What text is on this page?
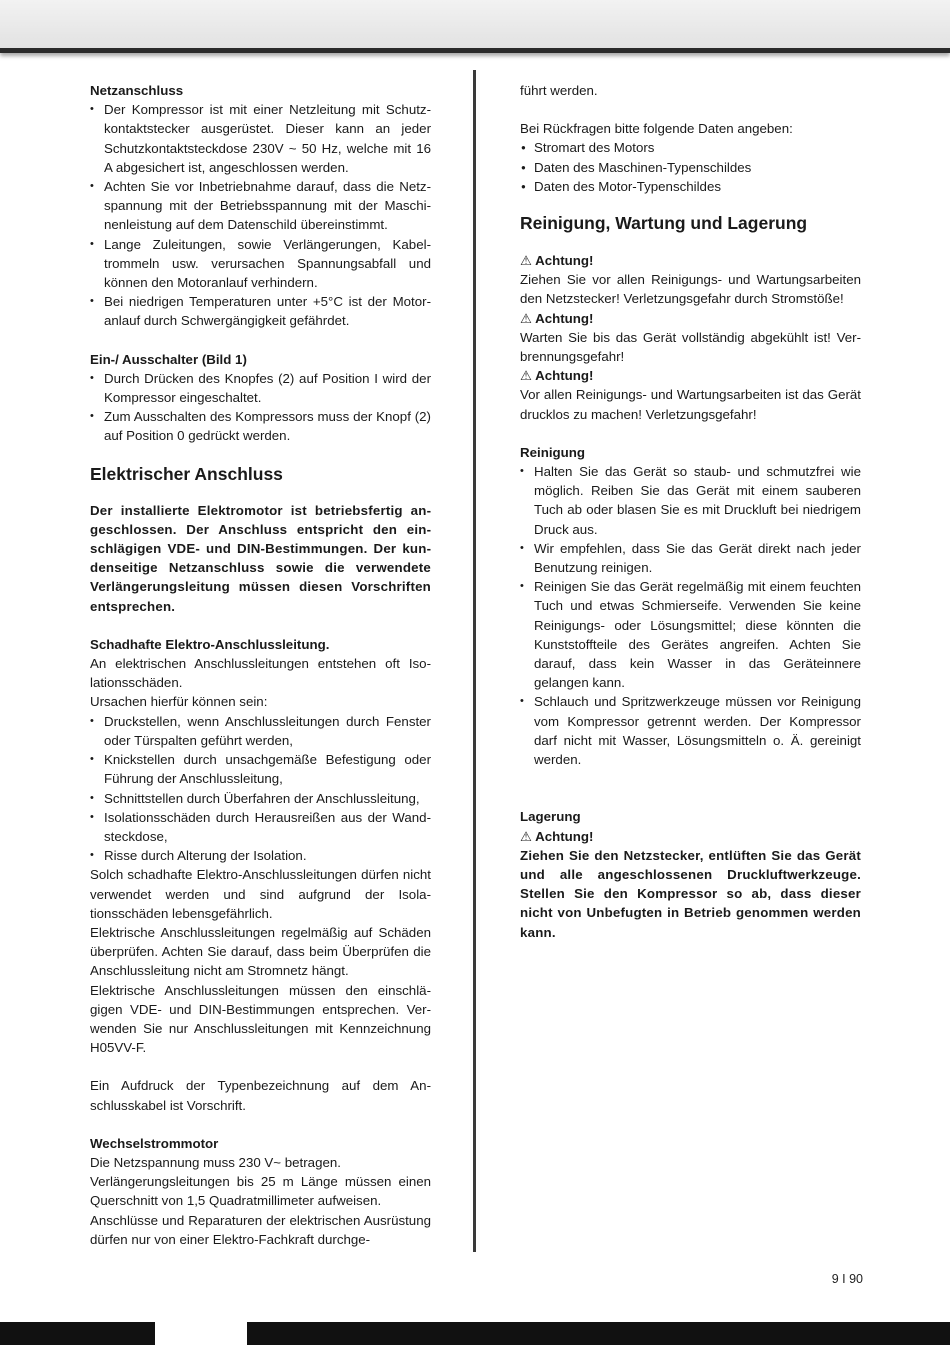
Netzanschluss

• Der Kompressor ist mit einer Netzleitung mit Schutzkontaktstecker ausgerüstet. Dieser kann an jeder Schutzkontaktsteckdose 230V ~ 50 Hz, welche mit 16 A abgesichert ist, angeschlossen werden.
• Achten Sie vor Inbetriebnahme darauf, dass die Netzspannung mit der Betriebsspannung mit der Maschinenleistung auf dem Datenschild übereinstimmt.
• Lange Zuleitungen, sowie Verlängerungen, Kabeltrommeln usw. verursachen Spannungsabfall und können den Motoranlauf verhindern.
• Bei niedrigen Temperaturen unter +5°C ist der Motoranlauf durch Schwergängigkeit gefährdet.

Ein-/ Ausschalter (Bild 1)

• Durch Drücken des Knopfes (2) auf Position I wird der Kompressor eingeschaltet.
• Zum Ausschalten des Kompressors muss der Knopf (2) auf Position 0 gedrückt werden.

Elektrischer Anschluss

Der installierte Elektromotor ist betriebsfertig angeschlossen. Der Anschluss entspricht den einschlägigen VDE- und DIN-Bestimmungen. Der kundenseitige Netzanschluss sowie die verwendete Verlängerungsleitung müssen diesen Vorschriften entsprechen.

Schadhafte Elektro-Anschlussleitung.

An elektrischen Anschlussleitungen entstehen oft Isolationsschäden.

Ursachen hierfür können sein:

• Druckstellen, wenn Anschlussleitungen durch Fenster oder Türspalten geführt werden,
• Knickstellen durch unsachgemäße Befestigung oder Führung der Anschlussleitung,
• Schnittstellen durch Überfahren der Anschlussleitung,
• Isolationsschäden durch Herausreißen aus der Wandsteckdose,
• Risse durch Alterung der Isolation.

Solch schadhafte Elektro-Anschlussleitungen dürfen nicht verwendet werden und sind aufgrund der Isolationsschäden lebensgefährlich.

Elektrische Anschlussleitungen regelmäßig auf Schäden überprüfen. Achten Sie darauf, dass beim Überprüfen die Anschlussleitung nicht am Stromnetz hängt.

Elektrische Anschlussleitungen müssen den einschlägigen VDE- und DIN-Bestimmungen entsprechen. Verwenden Sie nur Anschlussleitungen mit Kennzeichnung H05VV-F.

Ein Aufdruck der Typenbezeichnung auf dem Anschlusskabel ist Vorschrift.

Wechselstrommotor

Die Netzspannung muss 230 V~ betragen.

Verlängerungsleitungen bis 25 m Länge müssen einen Querschnitt von 1,5 Quadratmillimeter aufweisen.

Anschlüsse und Reparaturen der elektrischen Ausrüstung dürfen nur von einer Elektro-Fachkraft durchge-

führt werden.

Bei Rückfragen bitte folgende Daten angeben:

● Stromart des Motors
● Daten des Maschinen-Typenschildes
● Daten des Motor-Typenschildes

Reinigung, Wartung und Lagerung

⚠ Achtung!

Ziehen Sie vor allen Reinigungs- und Wartungsarbeiten den Netzstecker! Verletzungsgefahr durch Stromstöße!

⚠ Achtung!

Warten Sie bis das Gerät vollständig abgekühlt ist! Verbrennungsgefahr!

⚠ Achtung!

Vor allen Reinigungs- und Wartungsarbeiten ist das Gerät drucklos zu machen! Verletzungsgefahr!

Reinigung

• Halten Sie das Gerät so staub- und schmutzfrei wie möglich. Reiben Sie das Gerät mit einem sauberen Tuch ab oder blasen Sie es mit Druckluft bei niedrigem Druck aus.
• Wir empfehlen, dass Sie das Gerät direkt nach jeder Benutzung reinigen.
• Reinigen Sie das Gerät regelmäßig mit einem feuchten Tuch und etwas Schmierseife. Verwenden Sie keine Reinigungs- oder Lösungsmittel; diese könnten die Kunststoffteile des Gerätes angreifen. Achten Sie darauf, dass kein Wasser in das Geräteinnere gelangen kann.
• Schlauch und Spritzwerkzeuge müssen vor Reinigung vom Kompressor getrennt werden. Der Kompressor darf nicht mit Wasser, Lösungsmitteln o. Ä. gereinigt werden.

Lagerung

⚠ Achtung!

Ziehen Sie den Netzstecker, entlüften Sie das Gerät und alle angeschlossenen Druckluftwerkzeuge. Stellen Sie den Kompressor so ab, dass dieser nicht von Unbefugten in Betrieb genommen werden kann.

9 I 90
